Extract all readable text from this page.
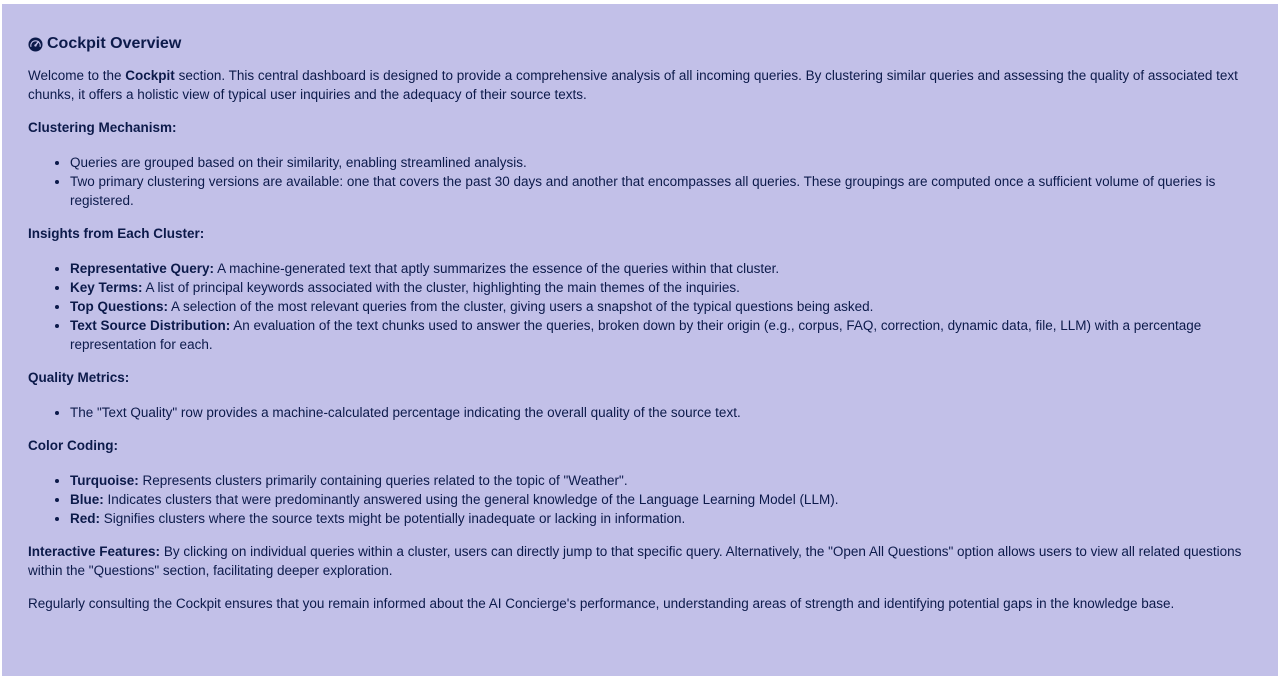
Cockpit Overview

Welcome to the Cockpit section. This central dashboard is designed to provide a comprehensive analysis of all incoming queries. By clustering similar queries and assessing the quality of associated text chunks, it offers a holistic view of typical user inquiries and the adequacy of their source texts.

Clustering Mechanism:
• Queries are grouped based on their similarity, enabling streamlined analysis.
• Two primary clustering versions are available: one that covers the past 30 days and another that encompasses all queries. These groupings are computed once a sufficient volume of queries is registered.
Insights from Each Cluster:
• Representative Query: A machine-generated text that aptly summarizes the essence of the queries within that cluster.
• Key Terms: A list of principal keywords associated with the cluster, highlighting the main themes of the inquiries.
• Top Questions: A selection of the most relevant queries from the cluster, giving users a snapshot of the typical questions being asked.
• Text Source Distribution: An evaluation of the text chunks used to answer the queries, broken down by their origin (e.g., corpus, FAQ, correction, dynamic data, file, LLM) with a percentage representation for each.
Quality Metrics:
• The "Text Quality" row provides a machine-calculated percentage indicating the overall quality of the source text.
Color Coding:
• Turquoise: Represents clusters primarily containing queries related to the topic of "Weather".
• Blue: Indicates clusters that were predominantly answered using the general knowledge of the Language Learning Model (LLM).
• Red: Signifies clusters where the source texts might be potentially inadequate or lacking in information.

Interactive Features: By clicking on individual queries within a cluster, users can directly jump to that specific query. Alternatively, the "Open All Questions" option allows users to view all related questions within the "Questions" section, facilitating deeper exploration.

Regularly consulting the Cockpit ensures that you remain informed about the AI Concierge's performance, understanding areas of strength and identifying potential gaps in the knowledge base.
